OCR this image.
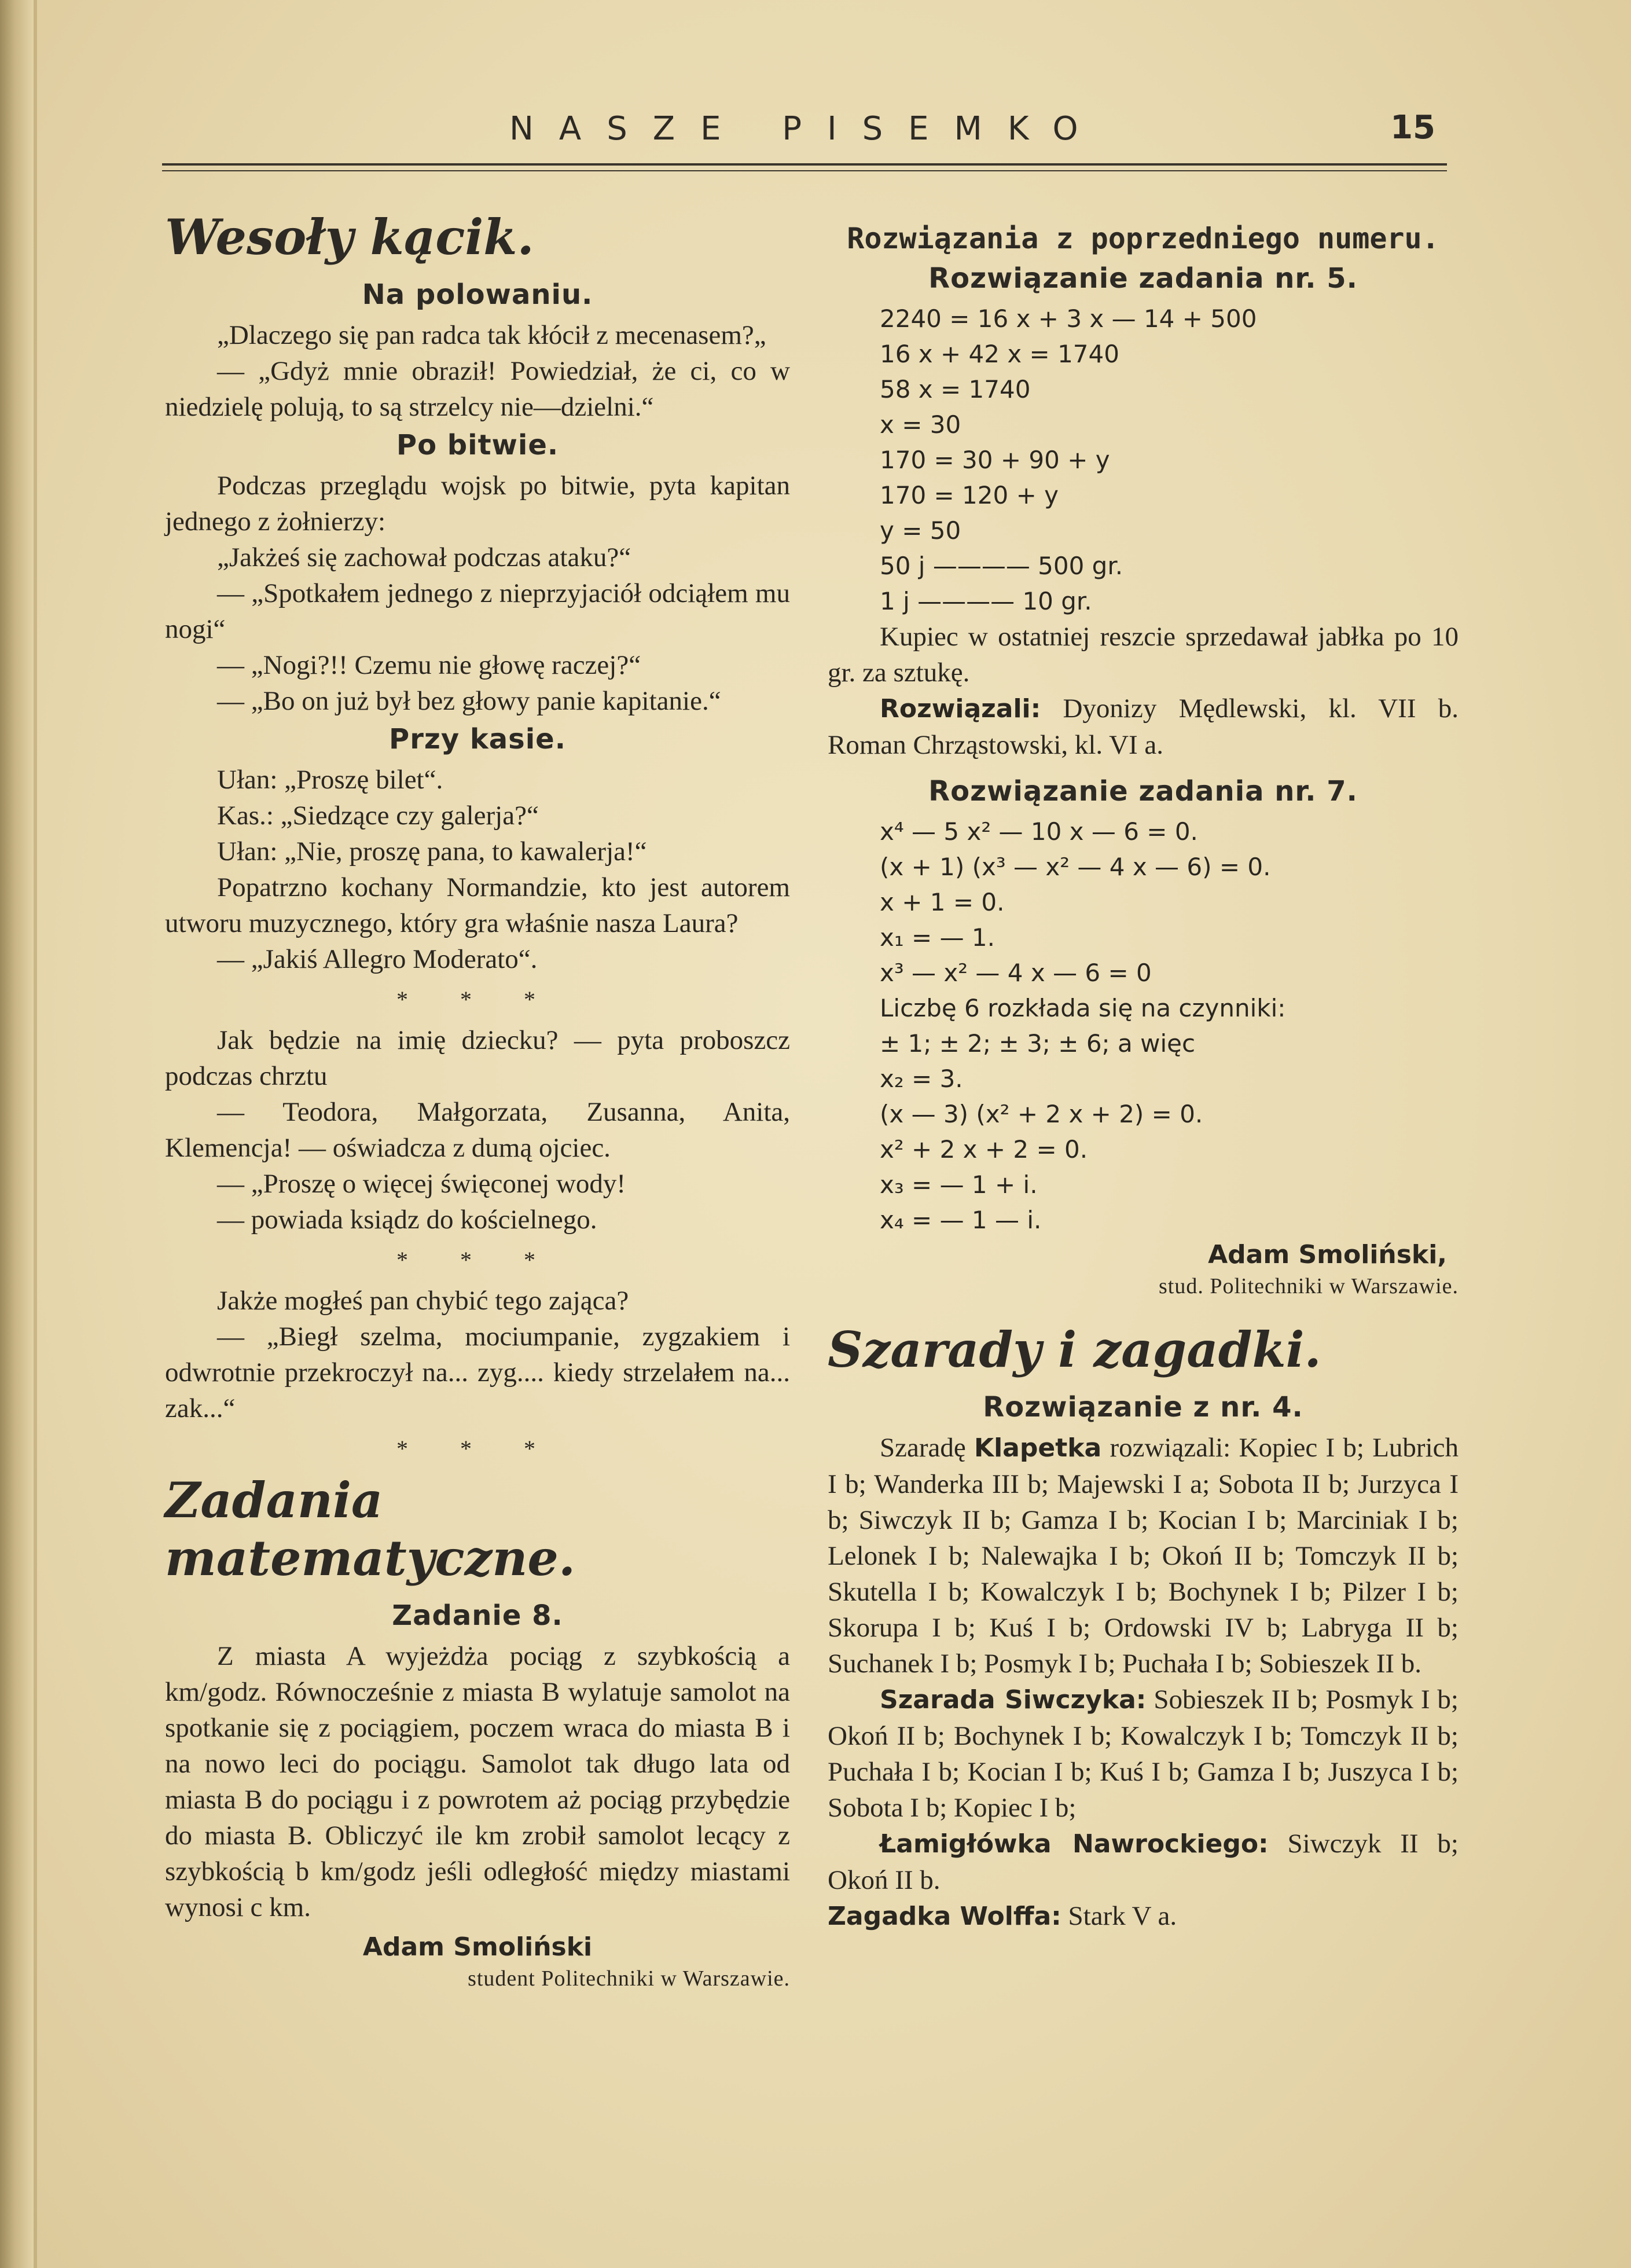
NASZE PISEMKO	15
Wesoły kącik.
Na polowaniu.

„Dlaczego się pan radca tak kłócił z mecenasem?„

— „Gdyż mnie obraził! Powiedział, że ci, co w niedzielę polują, to są strzelcy nie—dzielni.“

Po bitwie.

Podczas przeglądu wojsk po bitwie, pyta kapitan jednego z żołnierzy:

„Jakżeś się zachował podczas ataku?“

— „Spotkałem jednego z nieprzyjaciół odciąłem mu nogi“

— „Nogi?!! Czemu nie głowę raczej?“

— „Bo on już był bez głowy panie kapitanie.“

Przy kasie.

Ułan: „Proszę bilet“.

Kas.: „Siedzące czy galerja?“

Ułan: „Nie, proszę pana, to kawalerja!“

Popatrzno kochany Normandzie, kto jest autorem utworu muzycznego, który gra właśnie nasza Laura?

— „Jakiś Allegro Moderato“.

* * *

Jak będzie na imię dziecku? — pyta proboszcz podczas chrztu

— Teodora, Małgorzata, Zusanna, Anita, Klemencja! — oświadcza z dumą ojciec.

— „Proszę o więcej święconej wody!

— powiada ksiądz do kościelnego.

* * *

Jakże mogłeś pan chybić tego zająca?

— „Biegł szelma, mociumpanie, zygzakiem i odwrotnie przekroczył na... zyg.... kiedy strzelałem na... zak...“

* * *
Zadania matematyczne.
Zadanie 8.

Z miasta A wyjeżdża pociąg z szybkością a km/godz. Równocześnie z miasta B wylatuje samolot na spotkanie się z pociągiem, poczem wraca do miasta B i na nowo leci do pociągu. Samolot tak długo lata od miasta B do pociągu i z powrotem aż pociąg przybędzie do miasta B. Obliczyć ile km zrobił samolot lecący z szybkością b km/godz jeśli odległość między miastami wynosi c km.

Adam Smoliński
student Politechniki w Warszawie.
Rozwiązania z poprzedniego numeru.
Rozwiązanie zadania nr. 5.

2240 = 16 x + 3 x — 14 + 500

16 x + 42 x = 1740

58 x = 1740

x = 30

170 = 30 + 90 + y

170 = 120 + y

y = 50

50 j ———— 500 gr.

1 j ———— 10 gr.

Kupiec w ostatniej reszcie sprzedawał jabłka po 10 gr. za sztukę.

Rozwiązali: Dyonizy Mędlewski, kl. VII b. Roman Chrząstowski, kl. VI a.

Rozwiązanie zadania nr. 7.

x⁴ — 5 x² — 10 x — 6 = 0.

(x + 1) (x³ — x² — 4 x — 6) = 0.

x + 1 = 0.

x₁ = — 1.

x³ — x² — 4 x — 6 = 0

Liczbę 6 rozkłada się na czynniki:

± 1; ± 2; ± 3; ± 6; a więc

x₂ = 3.

(x — 3) (x² + 2 x + 2) = 0.

x² + 2 x + 2 = 0.

x₃ = — 1 + i.

x₄ = — 1 — i.

Adam Smoliński,
stud. Politechniki w Warszawie.
Szarady i zagadki.
Rozwiązanie z nr. 4.

Szaradę Klapetka rozwiązali: Kopiec I b; Lubrich I b; Wanderka III b; Majewski I a; Sobota II b; Jurzyca I b; Siwczyk II b; Gamza I b; Kocian I b; Marciniak I b; Lelonek I b; Nalewajka I b; Okoń II b; Tomczyk II b; Skutella I b; Kowalczyk I b; Bochynek I b; Pilzer I b; Skorupa I b; Kuś I b; Ordowski IV b; Labryga II b; Suchanek I b; Posmyk I b; Puchała I b; Sobieszek II b.

Szarada Siwczyka: Sobieszek II b; Posmyk I b; Okoń II b; Bochynek I b; Kowalczyk I b; Tomczyk II b; Puchała I b; Kocian I b; Kuś I b; Gamza I b; Juszyca I b; Sobota I b; Kopiec I b;

Łamigłówka Nawrockiego: Siwczyk II b; Okoń II b.

Zagadka Wolffa: Stark V a.
